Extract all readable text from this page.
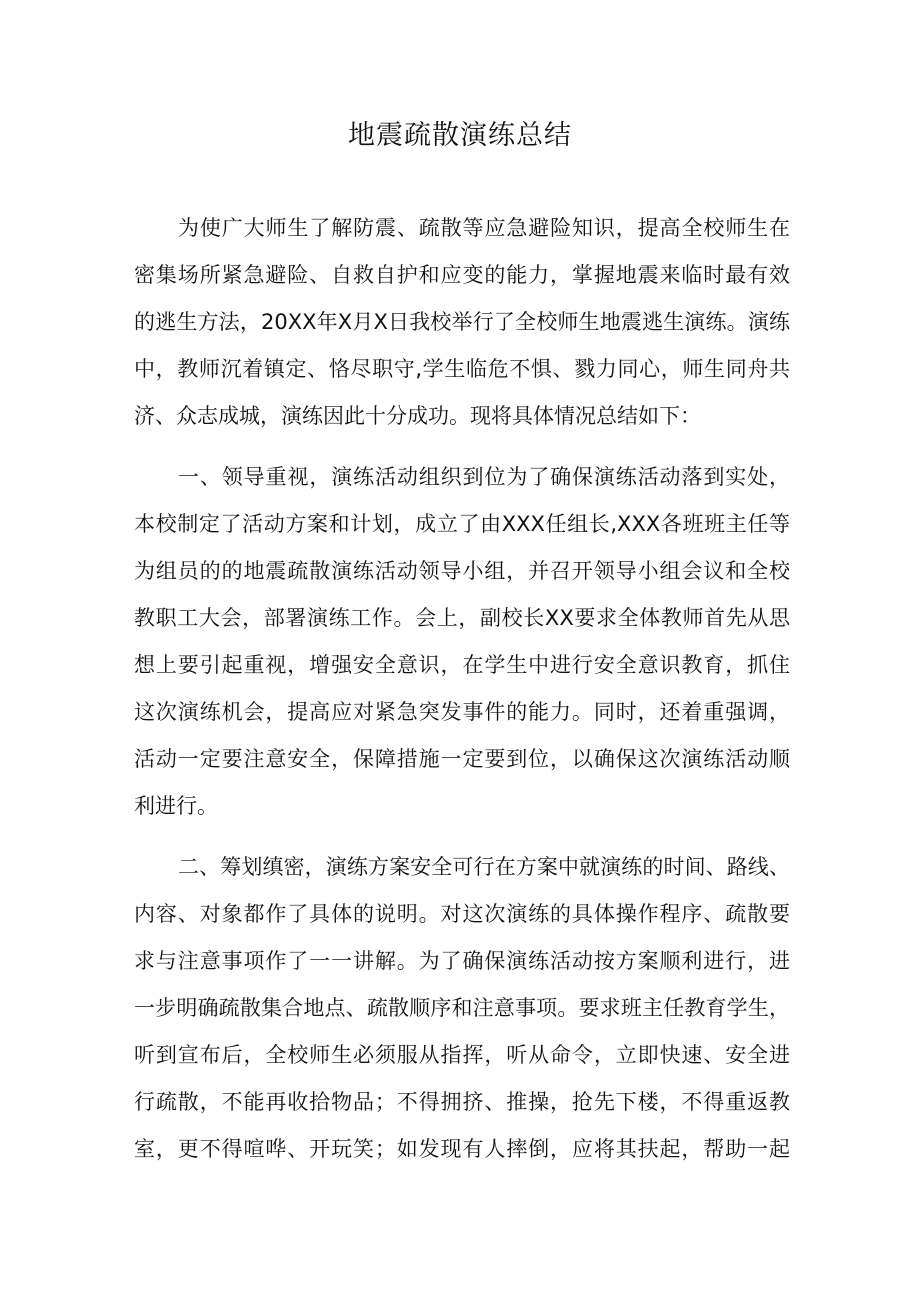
地震疏散演练总结
为使广大师生了解防震、疏散等应急避险知识，提高全校师生在
密集场所紧急避险、自救自护和应变的能力，掌握地震来临时最有效
的逃生方法，20XX年X月X日我校举行了全校师生地震逃生演练。演练
中，教师沉着镇定、恪尽职守,学生临危不惧、戮力同心，师生同舟共
济、众志成城，演练因此十分成功。现将具体情况总结如下：
一、领导重视，演练活动组织到位为了确保演练活动落到实处，
本校制定了活动方案和计划，成立了由XXX任组长,XXX各班班主任等
为组员的的地震疏散演练活动领导小组，并召开领导小组会议和全校
教职工大会，部署演练工作。会上，副校长XX要求全体教师首先从思
想上要引起重视，增强安全意识，在学生中进行安全意识教育，抓住
这次演练机会，提高应对紧急突发事件的能力。同时，还着重强调，
活动一定要注意安全，保障措施一定要到位，以确保这次演练活动顺
利进行。
二、筹划缜密，演练方案安全可行在方案中就演练的时间、路线、
内容、对象都作了具体的说明。对这次演练的具体操作程序、疏散要
求与注意事项作了一一讲解。为了确保演练活动按方案顺利进行，进
一步明确疏散集合地点、疏散顺序和注意事项。要求班主任教育学生，
听到宣布后，全校师生必须服从指挥，听从命令，立即快速、安全进
行疏散，不能再收拾物品；不得拥挤、推操，抢先下楼，不得重返教
室，更不得喧哗、开玩笑；如发现有人摔倒，应将其扶起，帮助一起
